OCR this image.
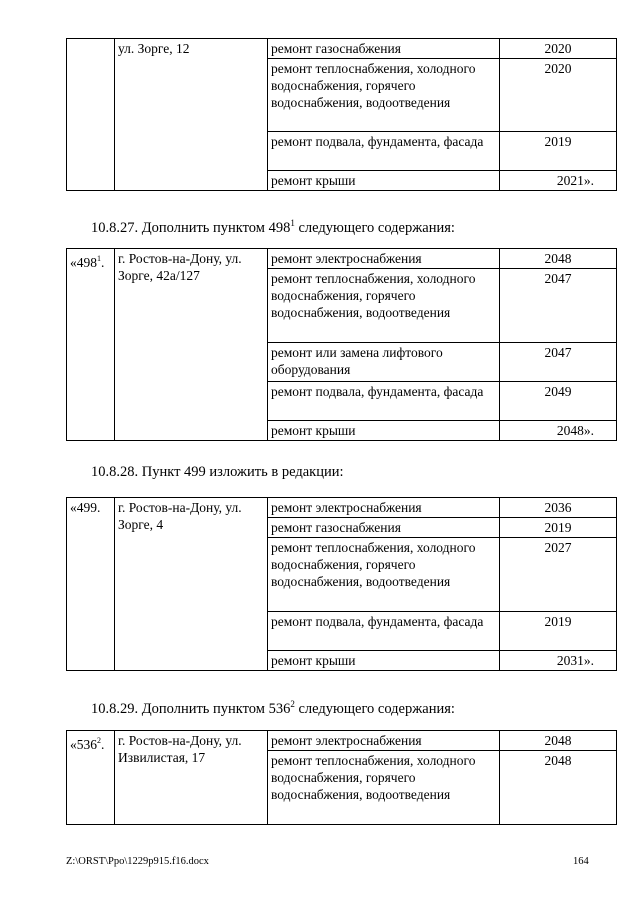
	ул. Зорге, 12	ремонт газоснабжения	2020
		ремонт теплоснабжения, холодного водоснабжения, горячего водоснабжения, водоотведения	2020
		ремонт подвала, фундамента, фасада	2019
		ремонт крыши	2021».
10.8.27. Дополнить пунктом $498^1$ следующего содержания:
«$498^1$.	г. Ростов-на-Дону, ул. Зорге, 42а/127	ремонт электроснабжения	2048
		ремонт теплоснабжения, холодного водоснабжения, горячего водоснабжения, водоотведения	2047
		ремонт или замена лифтового оборудования	2047
		ремонт подвала, фундамента, фасада	2049
		ремонт крыши	2048».
10.8.28. Пункт 499 изложить в редакции:
«499.	г. Ростов-на-Дону, ул. Зорге, 4	ремонт электроснабжения	2036
		ремонт газоснабжения	2019
		ремонт теплоснабжения, холодного водоснабжения, горячего водоснабжения, водоотведения	2027
		ремонт подвала, фундамента, фасада	2019
		ремонт крыши	2031».
10.8.29. Дополнить пунктом $536^2$ следующего содержания:
«$536^2$.	г. Ростов-на-Дону, ул. Извилистая, 17	ремонт электроснабжения	2048
		ремонт теплоснабжения, холодного водоснабжения, горячего водоснабжения, водоотведения	2048
Z:\ORST\Ppo\1229p915.f16.docx	164
